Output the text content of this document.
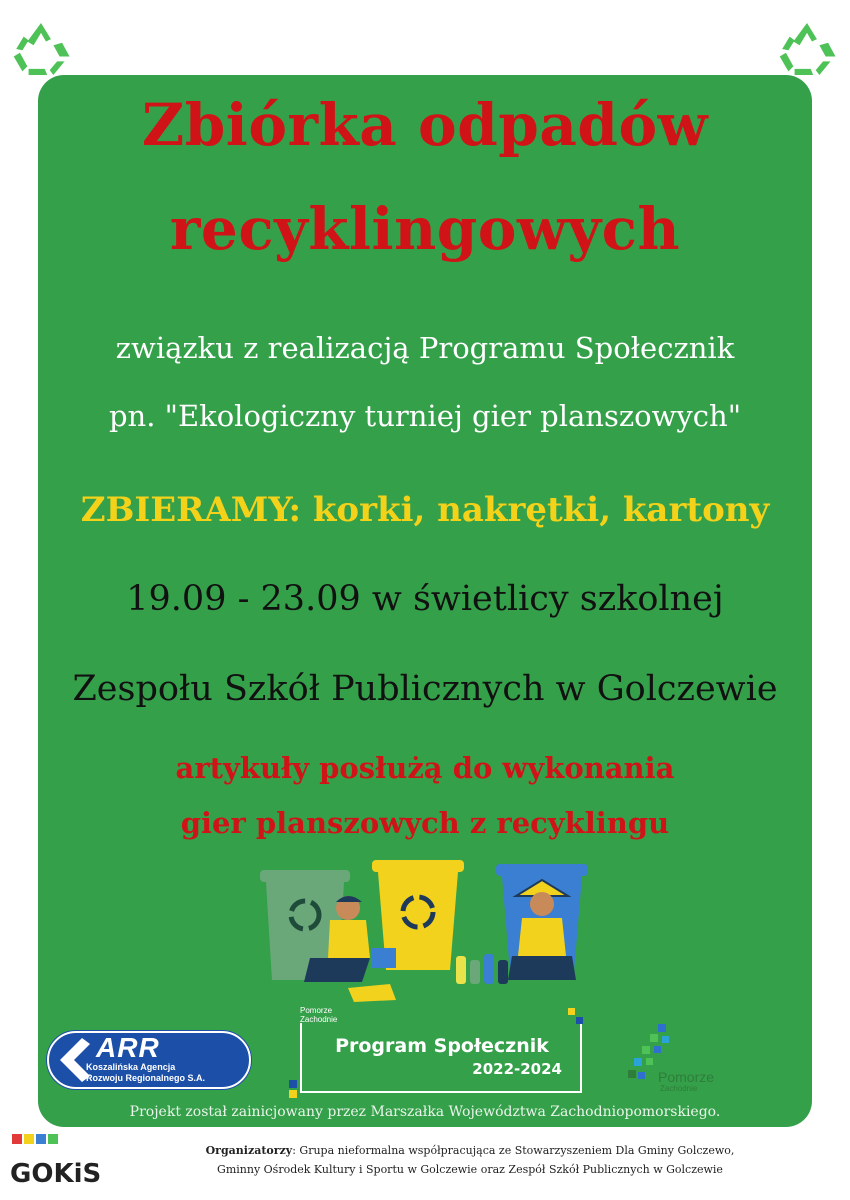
Zbiórka odpadów
recyklingowych
związku z realizacją Programu Społecznik
pn. "Ekologiczny turniej gier planszowych"
ZBIERAMY: korki, nakrętki, kartony
19.09 - 23.09 w świetlicy szkolnej
Zespołu Szkół Publicznych w Golczewie
artykuły posłużą do wykonania
gier planszowych z recyklingu
ARR
Koszalińska Agencja
Rozwoju Regionalnego S.A.
Pomorze
Zachodnie
Program Społecznik
2022-2024	Pomorze
Zachodnie
Projekt został zainicjowany przez Marszałka Województwa Zachodniopomorskiego.
GOKiS
Organizatorzy: Grupa nieformalna współpracująca ze Stowarzyszeniem Dla Gminy Golczewo,
Gminny Ośrodek Kultury i Sportu w Golczewie oraz Zespół Szkół Publicznych w Golczewie
